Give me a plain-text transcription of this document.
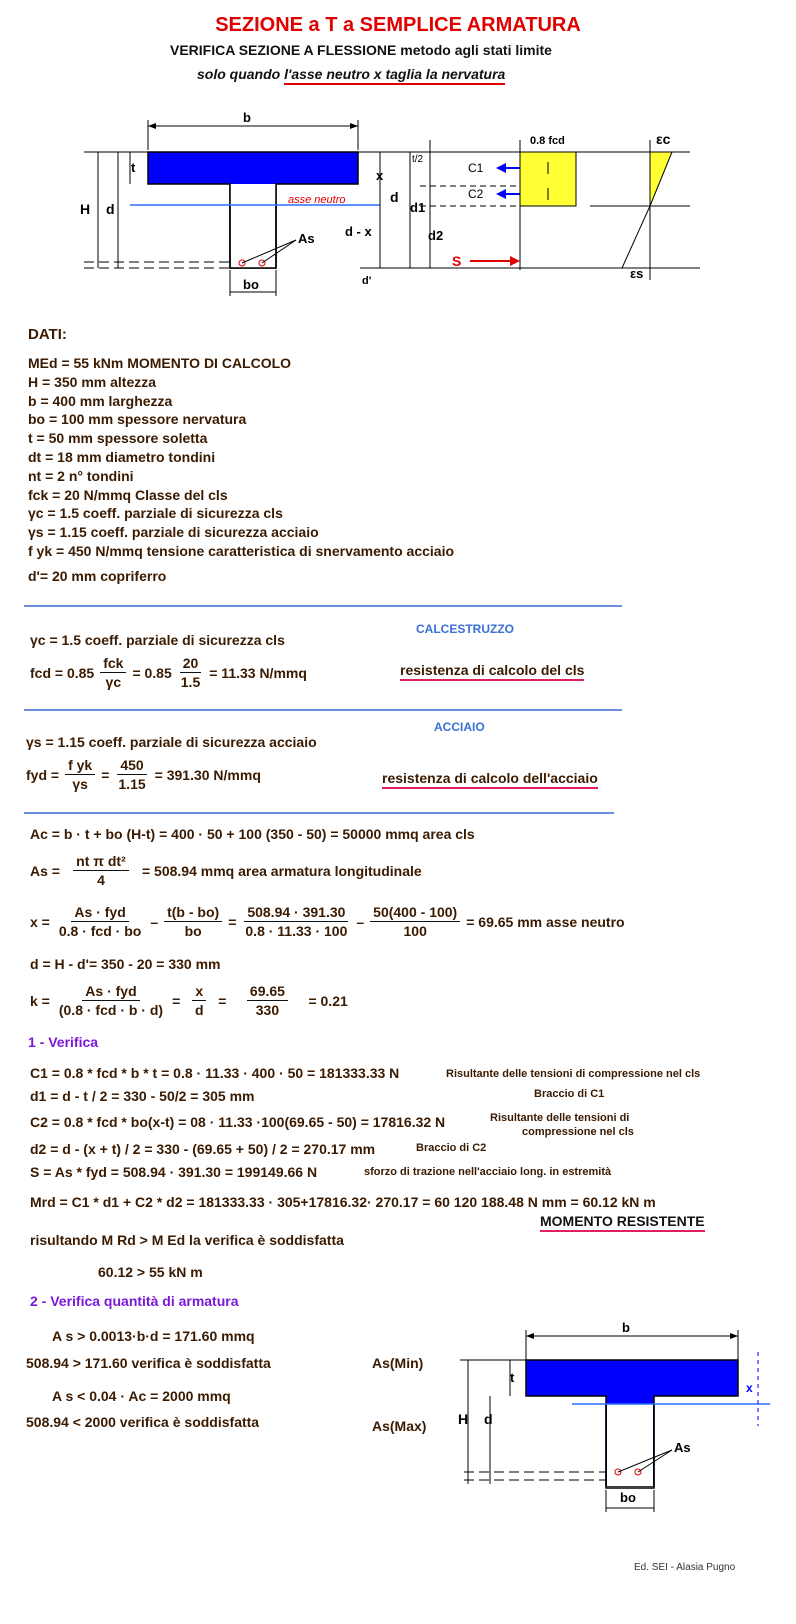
SEZIONE a T a SEMPLICE ARMATURA
VERIFICA SEZIONE A FLESSIONE metodo agli stati limite
solo quando l'asse neutro x taglia la nervatura
b
H d
t
As
bo
asse neutro
x
d
d - x
d'
t/2
d1
d2
C1
C2
S
0.8 fcd	εc
εs
DATI:
MEd = 55 kNm MOMENTO DI CALCOLO
H = 350 mm altezza
b = 400 mm larghezza
bo = 100 mm spessore nervatura
t = 50 mm spessore soletta
dt = 18 mm diametro tondini
nt = 2 n° tondini
fck = 20 N/mmq Classe del cls
γc = 1.5 coeff. parziale di sicurezza cls
γs = 1.15 coeff. parziale di sicurezza acciaio
f yk = 450 N/mmq tensione caratteristica di snervamento acciaio
d'= 20 mm copriferro
CALCESTRUZZO
γc = 1.5 coeff. parziale di sicurezza cls
fcd = $0.85 \frac{\text{fck}}{\gamma c} = 0.85 \frac{20}{1.5} = 11.33$ N/mmq	resistenza di calcolo del cls
ACCIAIO
γs = 1.15 coeff. parziale di sicurezza acciaio
fyd = $\frac{\text{f yk}}{\gamma s} = \frac{450}{1.15} = 391.30$ N/mmq	resistenza di calcolo dell'acciaio
Ac = b · t + bo (H-t) = 400 · 50 + 100 (350 - 50) = 50000 mmq area cls
$As = \frac{\text{nt π dt²}}{4} = 508.94$ mmq area armatura longitudinale
$x = \frac{\text{As · fyd}}{\text{0.8 · fcd · bo}} - \frac{t(b - bo)}{bo} = \frac{508.94 \cdot 391.30}{0.8 \cdot 11.33 \cdot 100} - \frac{50(400 - 100)}{100} = 69.65$ mm asse neutro
d = H - d'= 350 - 20 = 330 mm
$k = \frac{\text{As · fyd}}{\text{(0.8 · fcd · b · d)}} = \frac{x}{d} = \frac{69.65}{330} = 0.21$
1 - Verifica
C1 = 0.8 * fcd * b * t = 0.8 · 11.33 · 400 · 50 = 181333.33 N	Risultante delle tensioni di compressione nel cls
d1 = d - t / 2 = 330 - 50/2 = 305 mm	Braccio di C1
C2 = 0.8 * fcd * bo(x-t) = 08 · 11.33 ·100(69.65 - 50) = 17816.32 N	Risultante delle tensioni di
compressione nel cls
d2 = d - (x + t) / 2 = 330 - (69.65 + 50) / 2 = 270.17 mm	Braccio di C2
S = As * fyd = 508.94 · 391.30 = 199149.66 N	sforzo di trazione nell'acciaio long. in estremità
Mrd = C1 * d1 + C2 * d2 = 181333.33 · 305+17816.32· 270.17 = 60 120 188.48 N mm = 60.12 kN m
MOMENTO RESISTENTE
risultando M Rd > M Ed la verifica è soddisfatta
60.12 > 55 kN m
2 - Verifica quantità di armatura
A s > 0.0013·b·d = 171.60 mmq
508.94 > 171.60 verifica è soddisfatta	As(Min)
A s < 0.04 · Ac = 2000 mmq
508.94 < 2000 verifica è soddisfatta	As(Max)
b
H d
t
x
As
bo
Ed. SEI - Alasia Pugno
